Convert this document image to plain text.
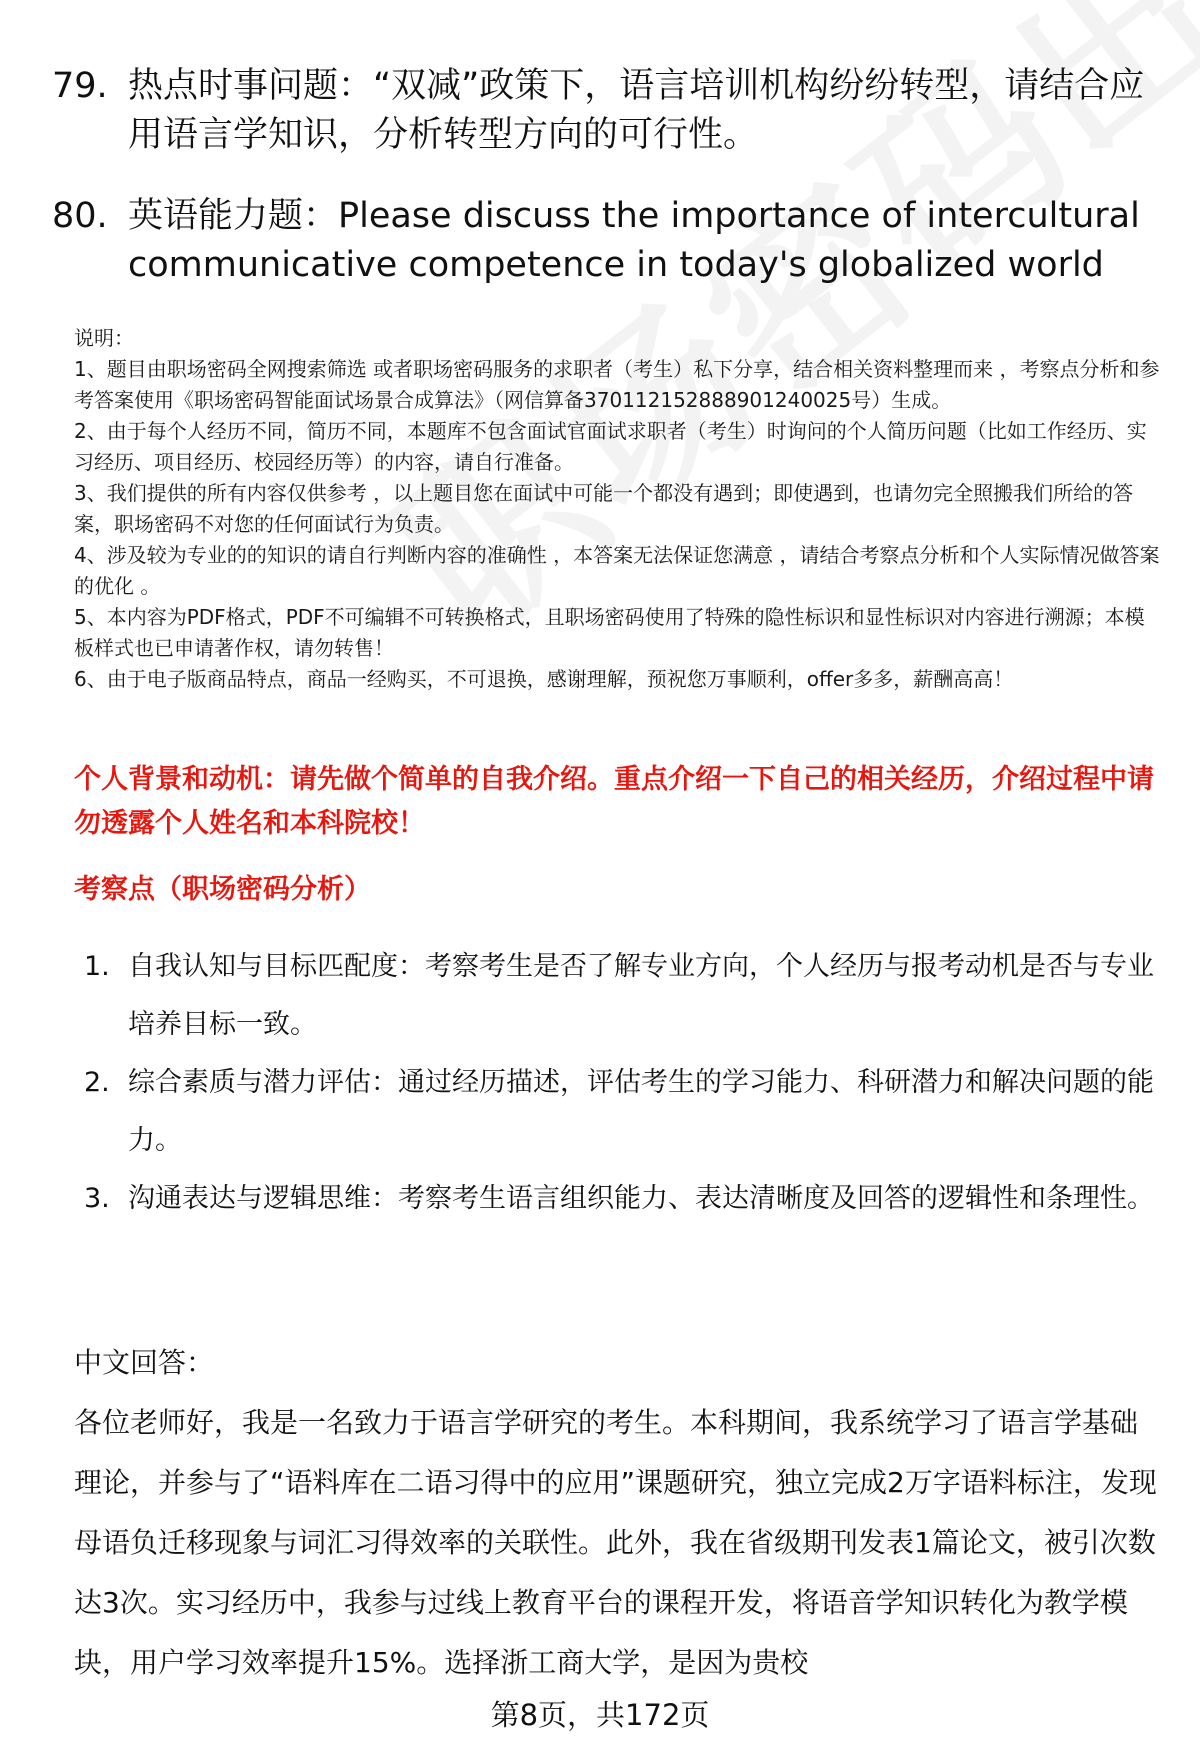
79. 热点时事问题：“双减”政策下，语言培训机构纷纷转型，请结合应用语言学知识，分析转型方向的可行性。
80. 英语能力题：Please discuss the importance of intercultural communicative competence in today's globalized world

说明：

1、题目由职场密码全网搜索筛选 或者职场密码服务的求职者（考生）私下分享，结合相关资料整理而来 ，考察点分析和参考答案使用《职场密码智能面试场景合成算法》（网信算备370112152888901240025号）生成。

2、由于每个人经历不同，简历不同，本题库不包含面试官面试求职者（考生）时询问的个人简历问题（比如工作经历、实习经历、项目经历、校园经历等）的内容，请自行准备。

3、我们提供的所有内容仅供参考 ，以上题目您在面试中可能一个都没有遇到；即使遇到，也请勿完全照搬我们所给的答案，职场密码不对您的任何面试行为负责。

4、涉及较为专业的的知识的请自行判断内容的准确性 ，本答案无法保证您满意 ，请结合考察点分析和个人实际情况做答案的优化 。

5、本内容为PDF格式，PDF不可编辑不可转换格式，且职场密码使用了特殊的隐性标识和显性标识对内容进行溯源；本模板样式也已申请著作权，请勿转售！

6、由于电子版商品特点，商品一经购买，不可退换，感谢理解，预祝您万事顺利，offer多多，薪酬高高！

个人背景和动机：请先做个简单的自我介绍。重点介绍一下自己的相关经历，介绍过程中请勿透露个人姓名和本科院校！
考察点（职场密码分析）
1. 自我认知与目标匹配度：考察考生是否了解专业方向，个人经历与报考动机是否与专业培养目标一致。
2. 综合素质与潜力评估：通过经历描述，评估考生的学习能力、科研潜力和解决问题的能力。
3. 沟通表达与逻辑思维：考察考生语言组织能力、表达清晰度及回答的逻辑性和条理性。

中文回答：

各位老师好，我是一名致力于语言学研究的考生。本科期间，我系统学习了语言学基础理论，并参与了“语料库在二语习得中的应用”课题研究，独立完成2万字语料标注，发现母语负迁移现象与词汇习得效率的关联性。此外，我在省级期刊发表1篇论文，被引次数达3次。实习经历中，我参与过线上教育平台的课程开发，将语音学知识转化为教学模块，用户学习效率提升15%。选择浙工商大学，是因为贵校

第8页，共172页
